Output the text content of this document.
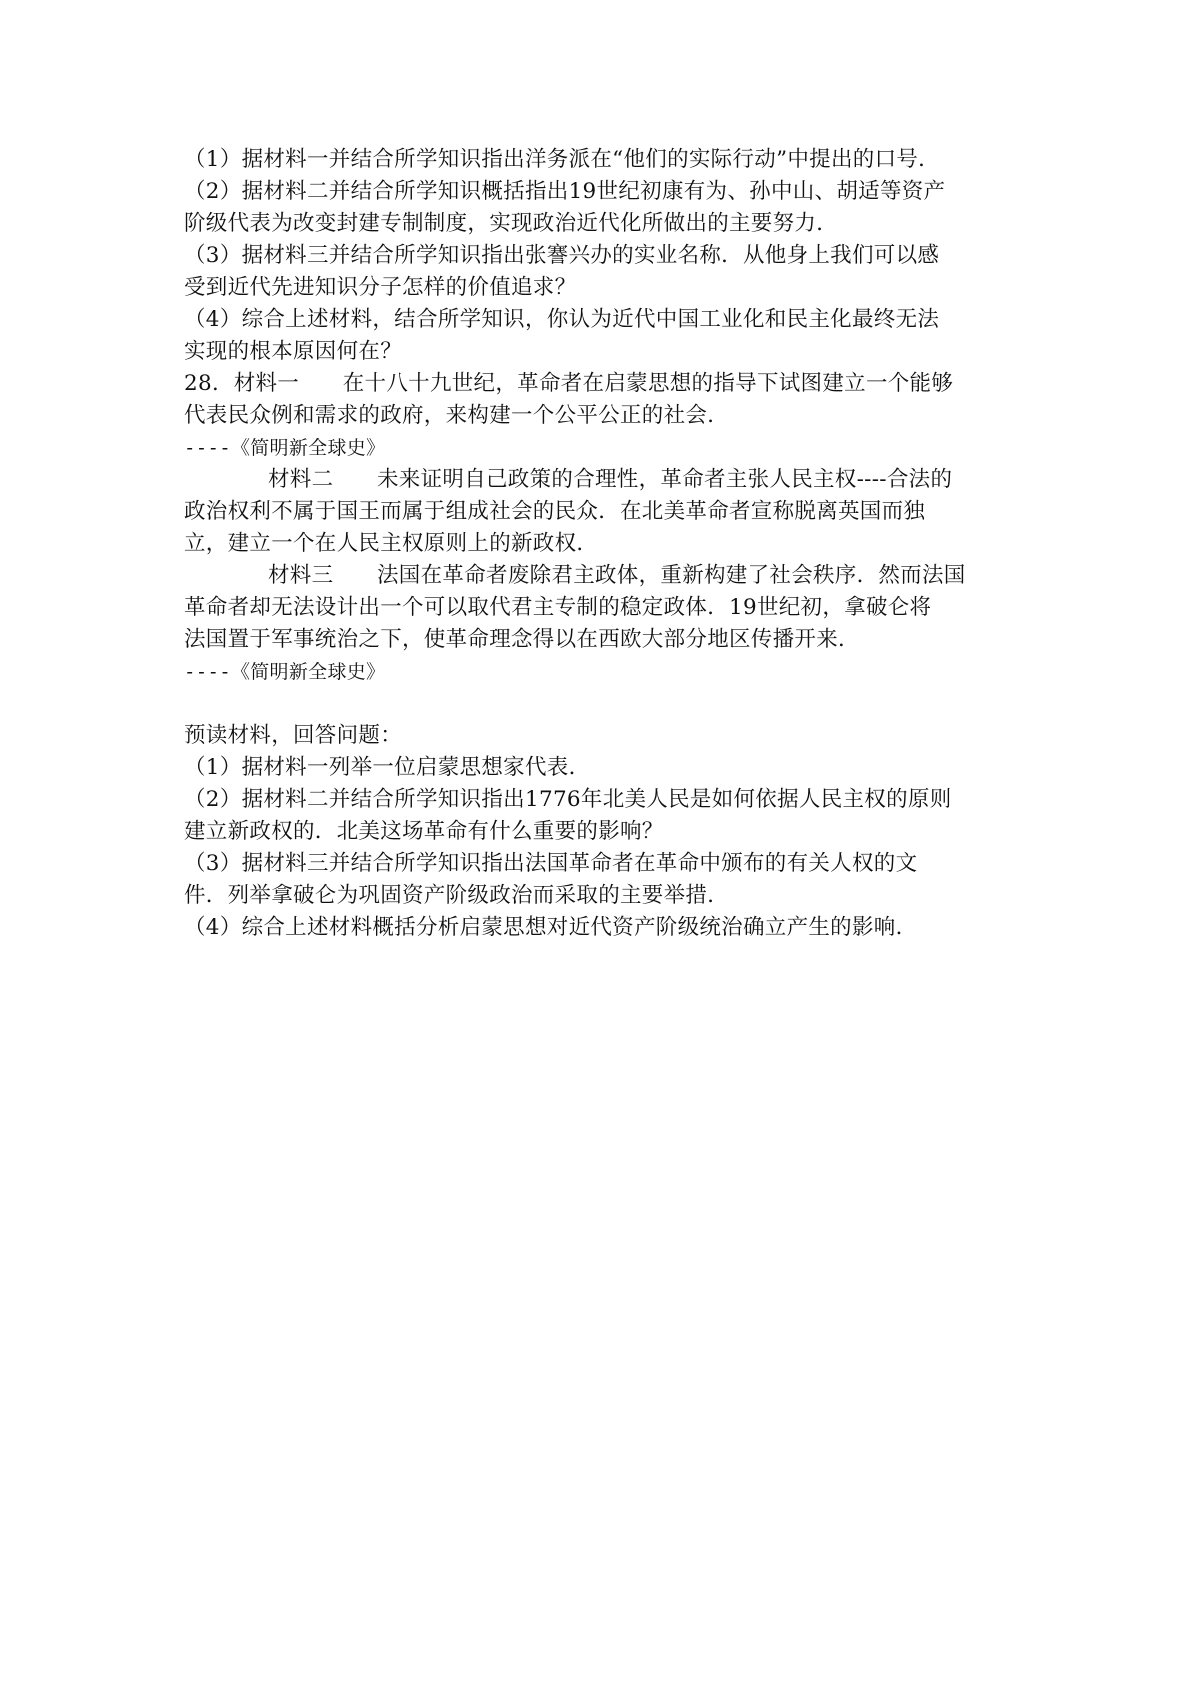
（1）据材料一并结合所学知识指出洋务派在“他们的实际行动”中提出的口号．
（2）据材料二并结合所学知识概括指出19世纪初康有为、孙中山、胡适等资产
阶级代表为改变封建专制制度，实现政治近代化所做出的主要努力．
（3）据材料三并结合所学知识指出张謇兴办的实业名称．从他身上我们可以感
受到近代先进知识分子怎样的价值追求？
（4）综合上述材料，结合所学知识，你认为近代中国工业化和民主化最终无法
实现的根本原因何在？
28．材料一　　在十八十九世纪，革命者在启蒙思想的指导下试图建立一个能够
代表民众例和需求的政府，来构建一个公平公正的社会．
----《简明新全球史》
材料二　　未来证明自己政策的合理性，革命者主张人民主权----合法的
政治权利不属于国王而属于组成社会的民众．在北美革命者宣称脱离英国而独
立，建立一个在人民主权原则上的新政权．
材料三　　法国在革命者废除君主政体，重新构建了社会秩序．然而法国
革命者却无法设计出一个可以取代君主专制的稳定政体．19世纪初，拿破仑将
法国置于军事统治之下，使革命理念得以在西欧大部分地区传播开来．
----《简明新全球史》
预读材料，回答问题：
（1）据材料一列举一位启蒙思想家代表．
（2）据材料二并结合所学知识指出1776年北美人民是如何依据人民主权的原则
建立新政权的．北美这场革命有什么重要的影响？
（3）据材料三并结合所学知识指出法国革命者在革命中颁布的有关人权的文
件．列举拿破仑为巩固资产阶级政治而采取的主要举措．
（4）综合上述材料概括分析启蒙思想对近代资产阶级统治确立产生的影响．
